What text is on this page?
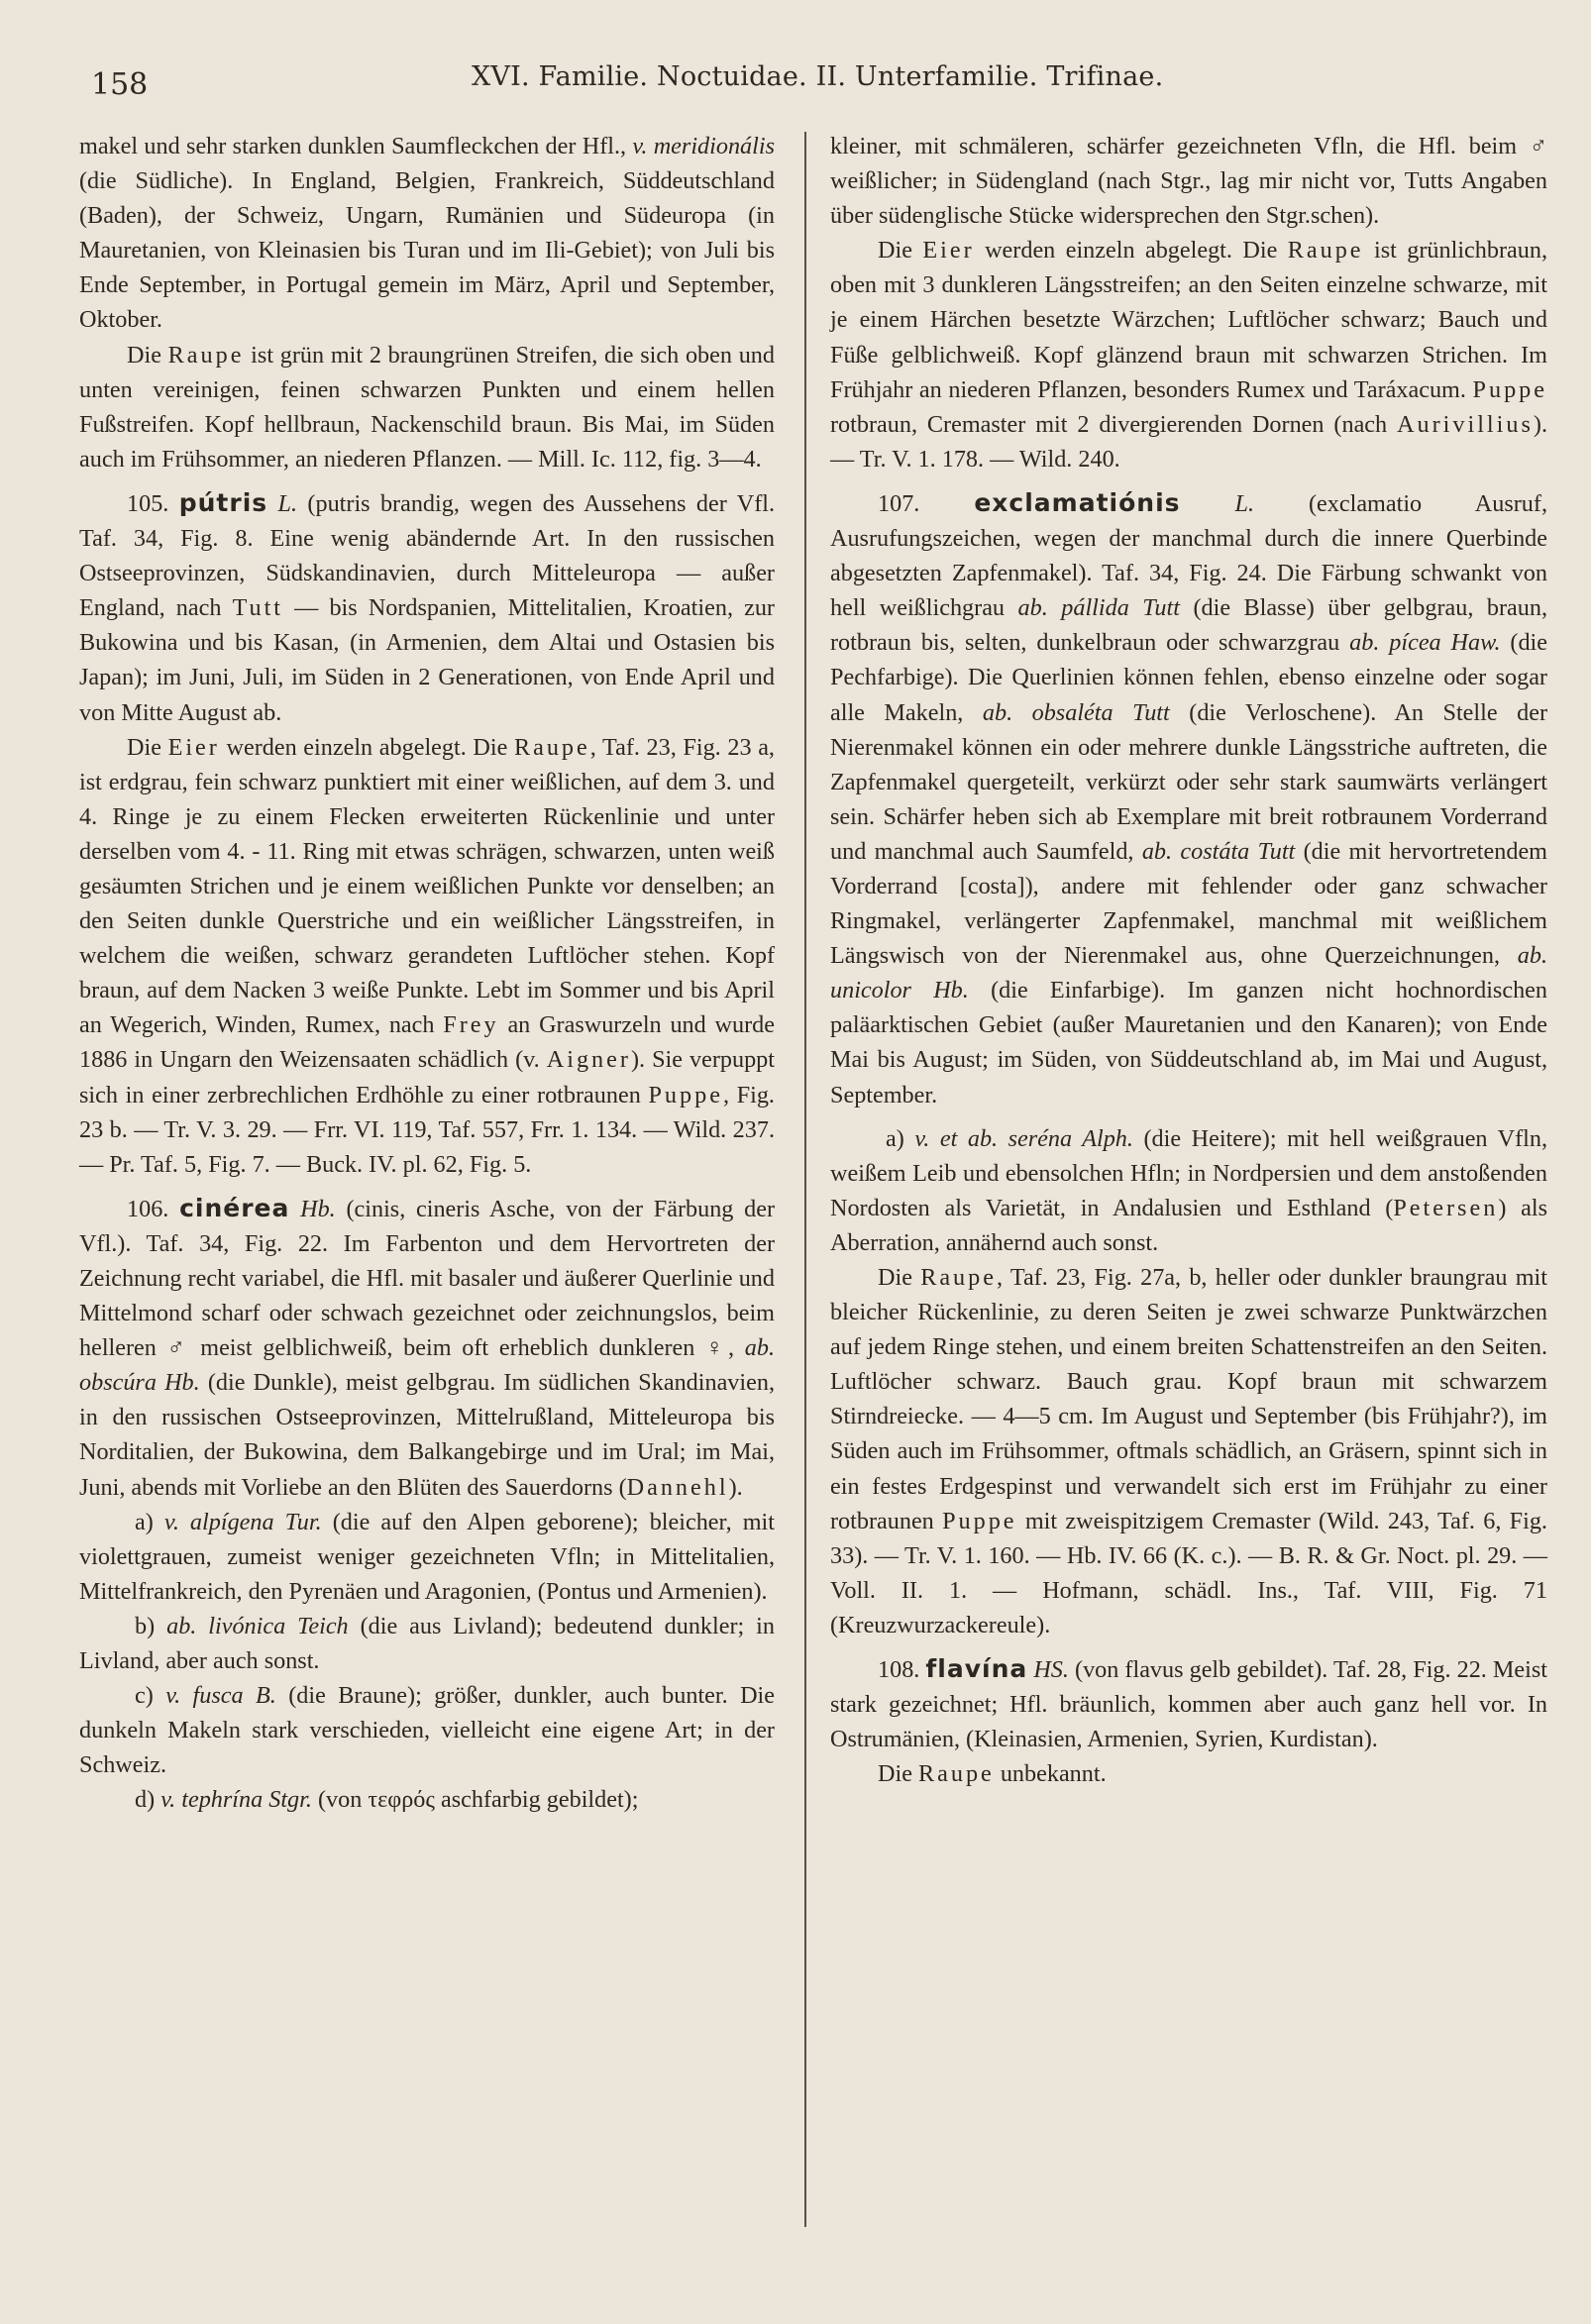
158	XVI. Familie. Noctuidae. II. Unterfamilie. Trifinae.

makel und sehr starken dunklen Saumfleckchen der Hfl., v. meridionális (die Südliche). In England, Belgien, Frankreich, Süddeutschland (Baden), der Schweiz, Ungarn, Rumänien und Südeuropa (in Mauretanien, von Kleinasien bis Turan und im Ili-Gebiet); von Juli bis Ende September, in Portugal gemein im März, April und September, Oktober.

Die Raupe ist grün mit 2 braungrünen Streifen, die sich oben und unten vereinigen, feinen schwarzen Punkten und einem hellen Fußstreifen. Kopf hellbraun, Nackenschild braun. Bis Mai, im Süden auch im Frühsommer, an niederen Pflanzen. — Mill. Ic. 112, fig. 3—4.

105. pútris L. (putris brandig, wegen des Aussehens der Vfl. Taf. 34, Fig. 8. Eine wenig abändernde Art. In den russischen Ostseeprovinzen, Südskandinavien, durch Mitteleuropa — außer England, nach Tutt — bis Nordspanien, Mittelitalien, Kroatien, zur Bukowina und bis Kasan, (in Armenien, dem Altai und Ostasien bis Japan); im Juni, Juli, im Süden in 2 Generationen, von Ende April und von Mitte August ab.

Die Eier werden einzeln abgelegt. Die Raupe, Taf. 23, Fig. 23 a, ist erdgrau, fein schwarz punktiert mit einer weißlichen, auf dem 3. und 4. Ringe je zu einem Flecken erweiterten Rückenlinie und unter derselben vom 4. - 11. Ring mit etwas schrägen, schwarzen, unten weiß gesäumten Strichen und je einem weißlichen Punkte vor denselben; an den Seiten dunkle Querstriche und ein weißlicher Längsstreifen, in welchem die weißen, schwarz gerandeten Luftlöcher stehen. Kopf braun, auf dem Nacken 3 weiße Punkte. Lebt im Sommer und bis April an Wegerich, Winden, Rumex, nach Frey an Graswurzeln und wurde 1886 in Ungarn den Weizensaaten schädlich (v. Aigner). Sie verpuppt sich in einer zerbrechlichen Erdhöhle zu einer rotbraunen Puppe, Fig. 23 b. — Tr. V. 3. 29. — Frr. VI. 119, Taf. 557, Frr. 1. 134. — Wild. 237. — Pr. Taf. 5, Fig. 7. — Buck. IV. pl. 62, Fig. 5.

106. cinérea Hb. (cinis, cineris Asche, von der Färbung der Vfl.). Taf. 34, Fig. 22. Im Farbenton und dem Hervortreten der Zeichnung recht variabel, die Hfl. mit basaler und äußerer Querlinie und Mittelmond scharf oder schwach gezeichnet oder zeichnungslos, beim helleren ♂ meist gelblichweiß, beim oft erheblich dunkleren ♀, ab. obscúra Hb. (die Dunkle), meist gelbgrau. Im südlichen Skandinavien, in den russischen Ostseeprovinzen, Mittelrußland, Mitteleuropa bis Norditalien, der Bukowina, dem Balkangebirge und im Ural; im Mai, Juni, abends mit Vorliebe an den Blüten des Sauerdorns (Dannehl).

a) v. alpígena Tur. (die auf den Alpen geborene); bleicher, mit violettgrauen, zumeist weniger gezeichneten Vfln; in Mittelitalien, Mittelfrankreich, den Pyrenäen und Aragonien, (Pontus und Armenien).

b) ab. livónica Teich (die aus Livland); bedeutend dunkler; in Livland, aber auch sonst.

c) v. fusca B. (die Braune); größer, dunkler, auch bunter. Die dunkeln Makeln stark verschieden, vielleicht eine eigene Art; in der Schweiz.

d) v. tephrína Stgr. (von τεφρός aschfarbig gebildet);

kleiner, mit schmäleren, schärfer gezeichneten Vfln, die Hfl. beim ♂ weißlicher; in Südengland (nach Stgr., lag mir nicht vor, Tutts Angaben über südenglische Stücke widersprechen den Stgr.schen).

Die Eier werden einzeln abgelegt. Die Raupe ist grünlichbraun, oben mit 3 dunkleren Längsstreifen; an den Seiten einzelne schwarze, mit je einem Härchen besetzte Wärzchen; Luftlöcher schwarz; Bauch und Füße gelblichweiß. Kopf glänzend braun mit schwarzen Strichen. Im Frühjahr an niederen Pflanzen, besonders Rumex und Taráxacum. Puppe rotbraun, Cremaster mit 2 divergierenden Dornen (nach Aurivillius). — Tr. V. 1. 178. — Wild. 240.

107. exclamatiónis L. (exclamatio Ausruf, Ausrufungszeichen, wegen der manchmal durch die innere Querbinde abgesetzten Zapfenmakel). Taf. 34, Fig. 24. Die Färbung schwankt von hell weißlichgrau ab. pállida Tutt (die Blasse) über gelbgrau, braun, rotbraun bis, selten, dunkelbraun oder schwarzgrau ab. pícea Haw. (die Pechfarbige). Die Querlinien können fehlen, ebenso einzelne oder sogar alle Makeln, ab. obsaléta Tutt (die Verloschene). An Stelle der Nierenmakel können ein oder mehrere dunkle Längsstriche auftreten, die Zapfenmakel quergeteilt, verkürzt oder sehr stark saumwärts verlängert sein. Schärfer heben sich ab Exemplare mit breit rotbraunem Vorderrand und manchmal auch Saumfeld, ab. costáta Tutt (die mit hervortretendem Vorderrand [costa]), andere mit fehlender oder ganz schwacher Ringmakel, verlängerter Zapfenmakel, manchmal mit weißlichem Längswisch von der Nierenmakel aus, ohne Querzeichnungen, ab. unicolor Hb. (die Einfarbige). Im ganzen nicht hochnordischen paläarktischen Gebiet (außer Mauretanien und den Kanaren); von Ende Mai bis August; im Süden, von Süddeutschland ab, im Mai und August, September.

a) v. et ab. seréna Alph. (die Heitere); mit hell weißgrauen Vfln, weißem Leib und ebensolchen Hfln; in Nordpersien und dem anstoßenden Nordosten als Varietät, in Andalusien und Esthland (Petersen) als Aberration, annähernd auch sonst.

Die Raupe, Taf. 23, Fig. 27a, b, heller oder dunkler braungrau mit bleicher Rückenlinie, zu deren Seiten je zwei schwarze Punktwärzchen auf jedem Ringe stehen, und einem breiten Schattenstreifen an den Seiten. Luftlöcher schwarz. Bauch grau. Kopf braun mit schwarzem Stirndreiecke. — 4—5 cm. Im August und September (bis Frühjahr?), im Süden auch im Frühsommer, oftmals schädlich, an Gräsern, spinnt sich in ein festes Erdgespinst und verwandelt sich erst im Frühjahr zu einer rotbraunen Puppe mit zweispitzigem Cremaster (Wild. 243, Taf. 6, Fig. 33). — Tr. V. 1. 160. — Hb. IV. 66 (K. c.). — B. R. & Gr. Noct. pl. 29. — Voll. II. 1. — Hofmann, schädl. Ins., Taf. VIII, Fig. 71 (Kreuzwurzackereule).

108. flavína HS. (von flavus gelb gebildet). Taf. 28, Fig. 22. Meist stark gezeichnet; Hfl. bräunlich, kommen aber auch ganz hell vor. In Ostrumänien, (Kleinasien, Armenien, Syrien, Kurdistan).

Die Raupe unbekannt.
